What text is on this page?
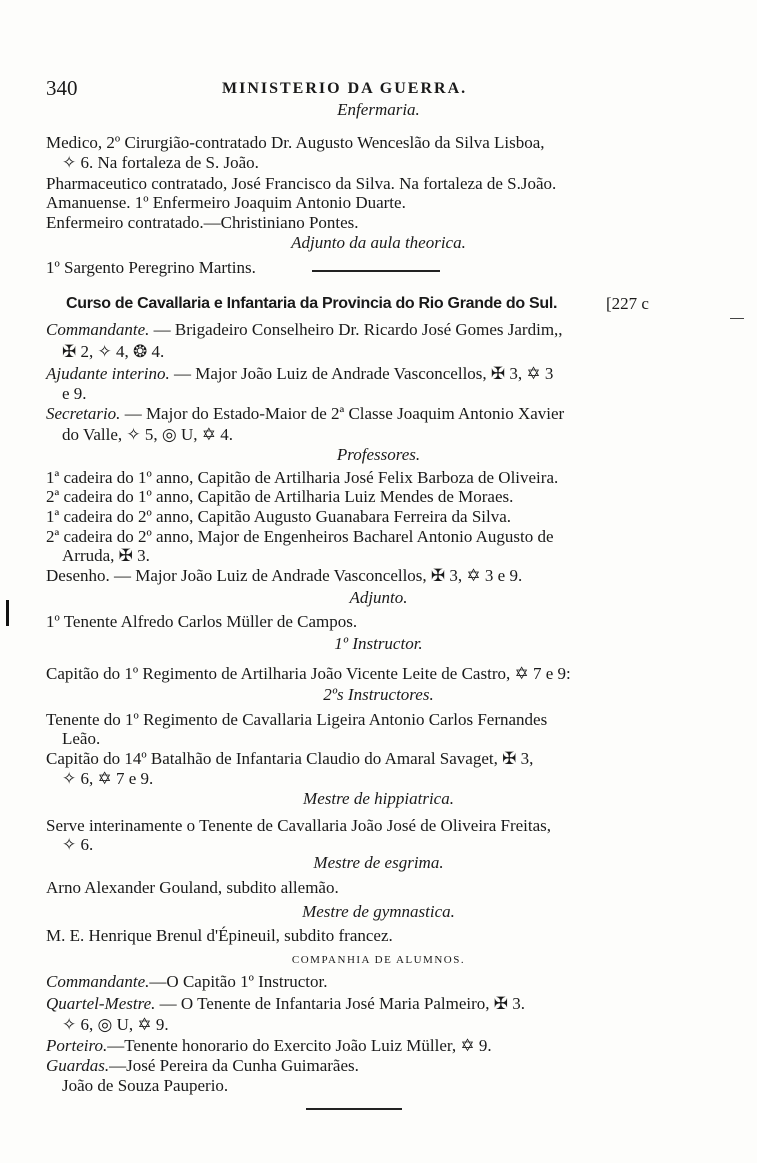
340	MINISTERIO DA GUERRA.
Enfermaria.
Medico, 2º Cirurgião-contratado Dr. Augusto Wenceslão da Silva Lisboa,
✧ 6. Na fortaleza de S. João.
Pharmaceutico contratado, José Francisco da Silva. Na fortaleza de S.João.
Amanuense. 1º Enfermeiro Joaquim Antonio Duarte.
Enfermeiro contratado.—Christiniano Pontes.
Adjunto da aula theorica.
1º Sargento Peregrino Martins.
Curso de Cavallaria e Infantaria da Provincia do Rio Grande do Sul.	[227 c
Commandante. — Brigadeiro Conselheiro Dr. Ricardo José Gomes Jardim,,
✠ 2, ✧ 4, ❂ 4.
Ajudante interino. — Major João Luiz de Andrade Vasconcellos, ✠ 3, ✡ 3
e 9.
Secretario. — Major do Estado-Maior de 2ª Classe Joaquim Antonio Xavier
do Valle, ✧ 5, ◎ U, ✡ 4.
Professores.
1ª cadeira do 1º anno, Capitão de Artilharia José Felix Barboza de Oliveira.
2ª cadeira do 1º anno, Capitão de Artilharia Luiz Mendes de Moraes.
1ª cadeira do 2º anno, Capitão Augusto Guanabara Ferreira da Silva.
2ª cadeira do 2º anno, Major de Engenheiros Bacharel Antonio Augusto de
Arruda, ✠ 3.
Desenho. — Major João Luiz de Andrade Vasconcellos, ✠ 3, ✡ 3 e 9.
Adjunto.
1º Tenente Alfredo Carlos Müller de Campos.
1º Instructor.
Capitão do 1º Regimento de Artilharia João Vicente Leite de Castro, ✡ 7 e 9:
2ºs Instructores.
Tenente do 1º Regimento de Cavallaria Ligeira Antonio Carlos Fernandes
Leão.
Capitão do 14º Batalhão de Infantaria Claudio do Amaral Savaget, ✠ 3,
✧ 6, ✡ 7 e 9.
Mestre de hippiatrica.
Serve interinamente o Tenente de Cavallaria João José de Oliveira Freitas,
✧ 6.
Mestre de esgrima.
Arno Alexander Gouland, subdito allemão.
Mestre de gymnastica.
M. E. Henrique Brenul d'Épineuil, subdito francez.
COMPANHIA DE ALUMNOS.
Commandante.—O Capitão 1º Instructor.
Quartel-Mestre. — O Tenente de Infantaria José Maria Palmeiro, ✠ 3.
✧ 6, ◎ U, ✡ 9.
Porteiro.—Tenente honorario do Exercito João Luiz Müller, ✡ 9.
Guardas.—José Pereira da Cunha Guimarães.
João de Souza Pauperio.
